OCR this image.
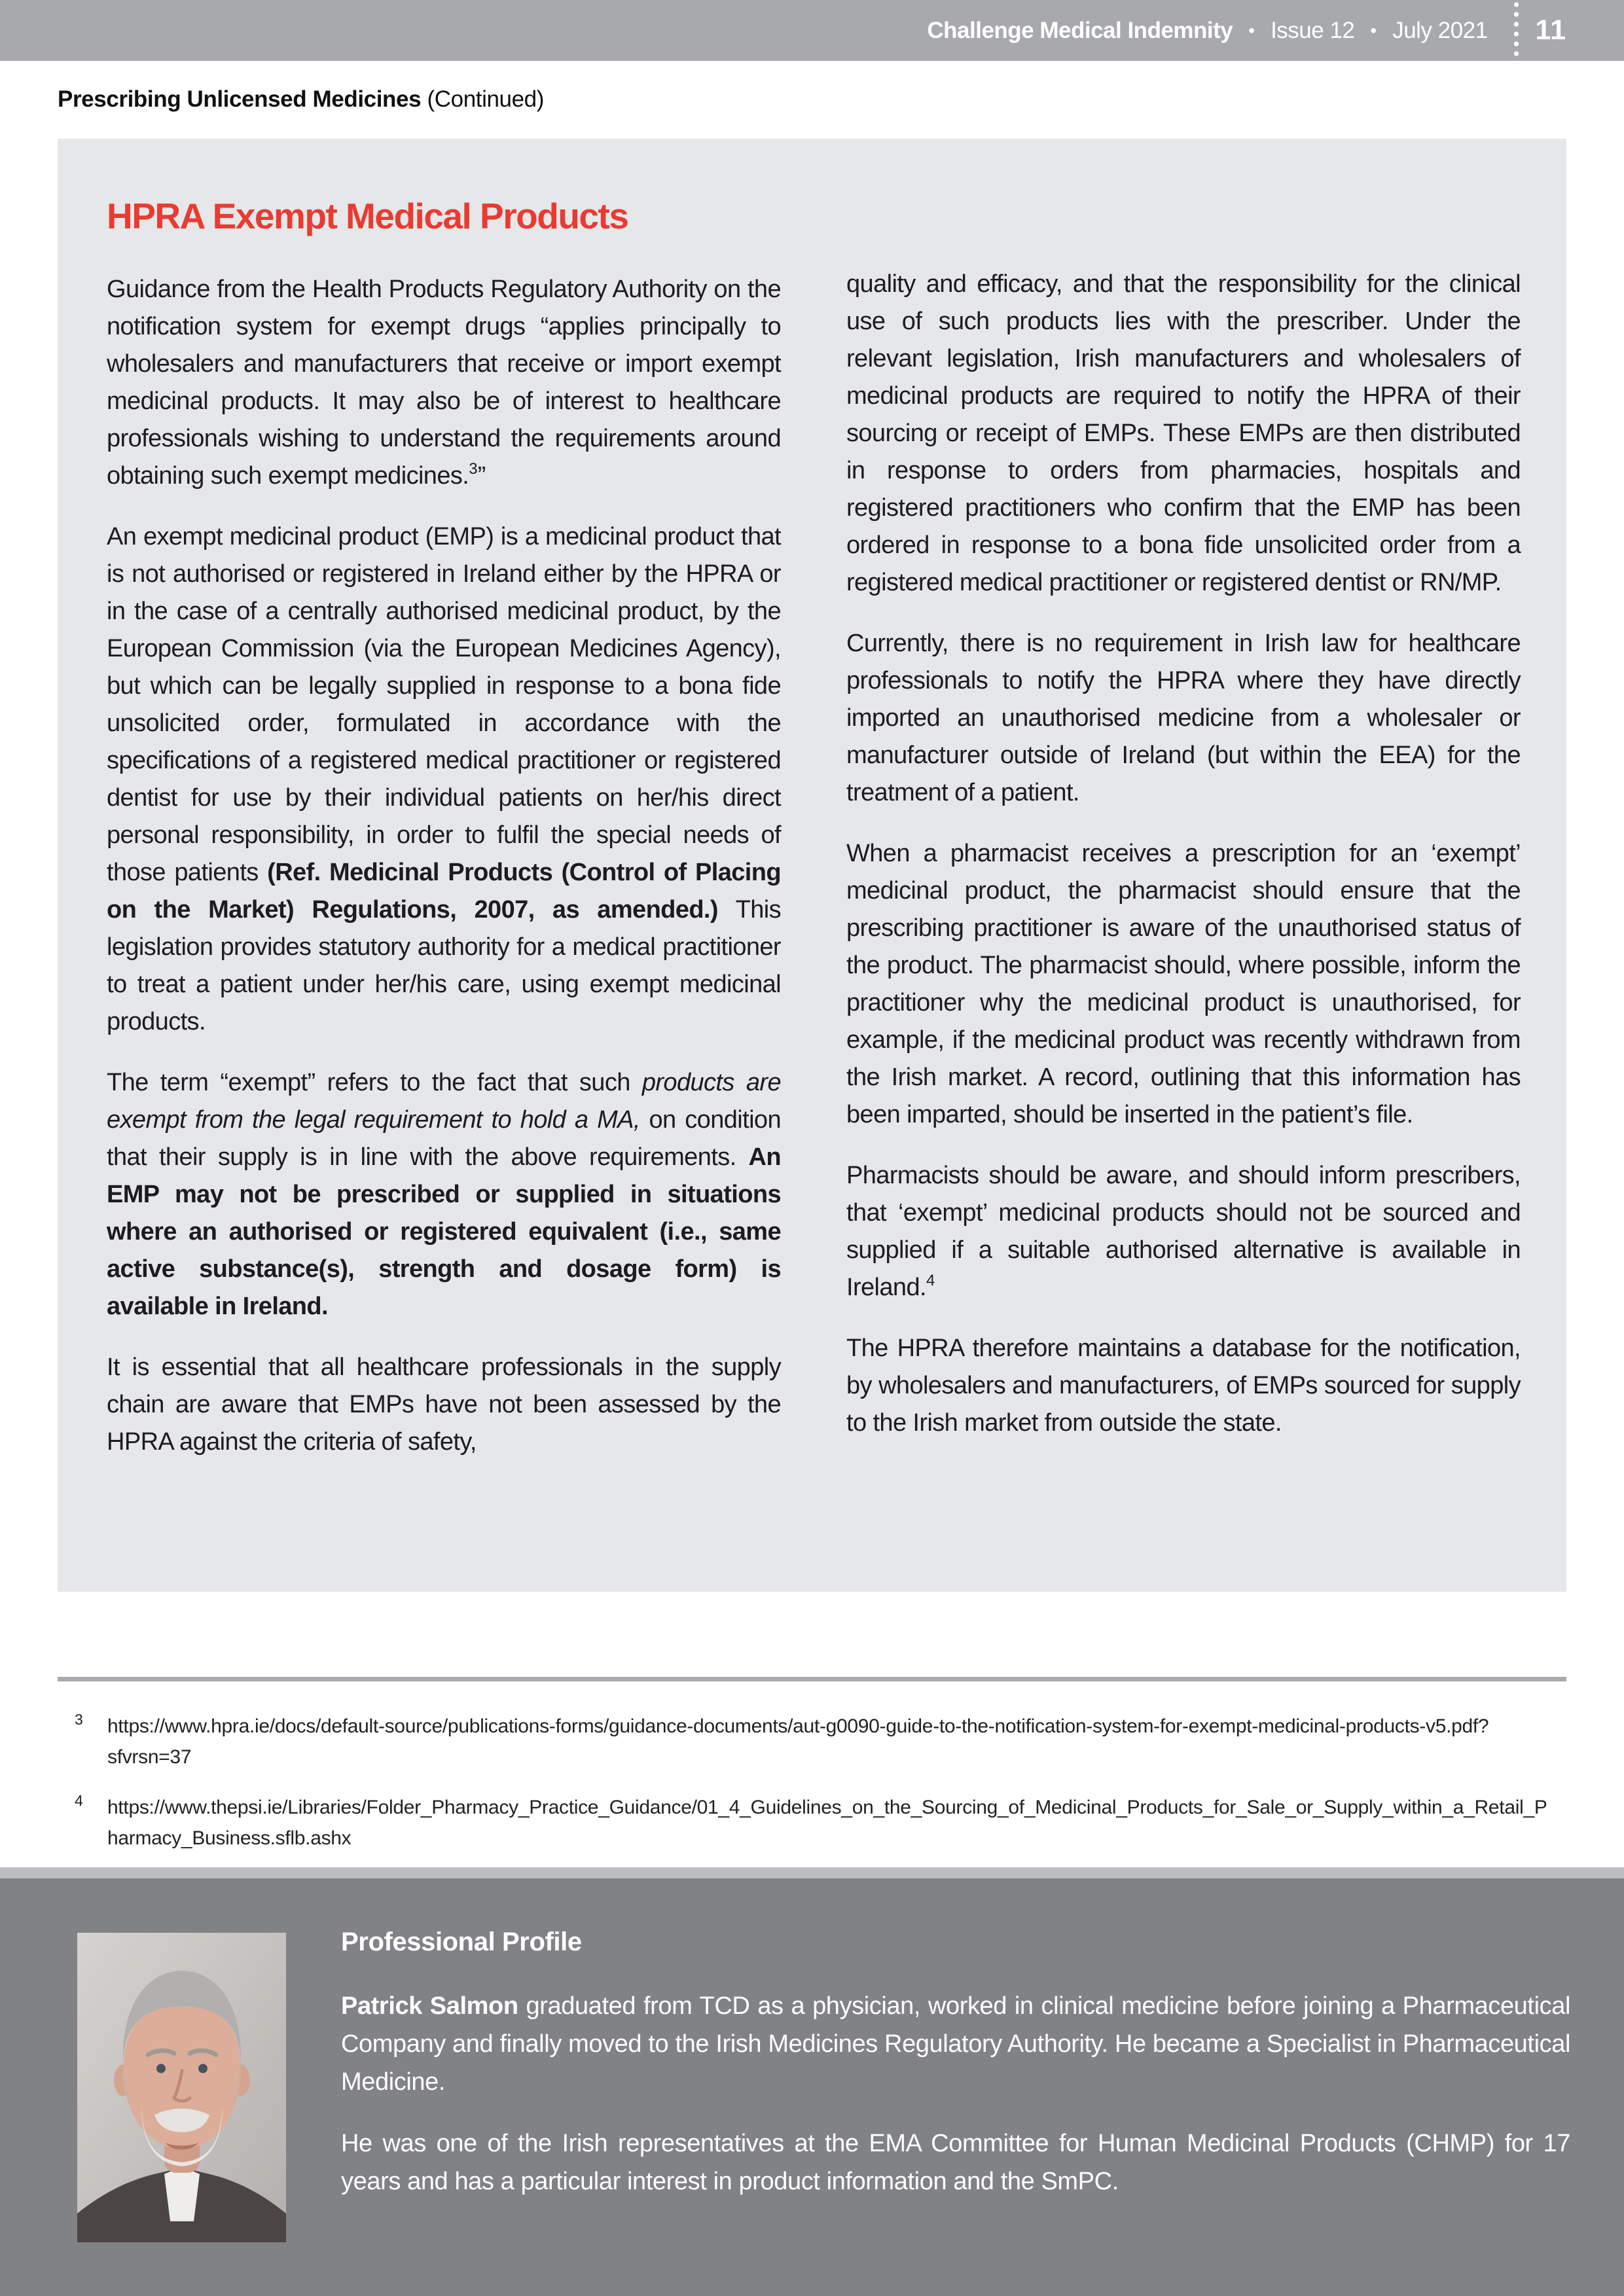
Challenge Medical Indemnity • Issue 12 • July 2021 11
Prescribing Unlicensed Medicines (Continued)
HPRA Exempt Medical Products

Guidance from the Health Products Regulatory Authority on the notification system for exempt drugs “applies principally to wholesalers and manufacturers that receive or import exempt medicinal products. It may also be of interest to healthcare professionals wishing to understand the requirements around obtaining such exempt medicines.$^3$”

An exempt medicinal product (EMP) is a medicinal product that is not authorised or registered in Ireland either by the HPRA or in the case of a centrally authorised medicinal product, by the European Commission (via the European Medicines Agency), but which can be legally supplied in response to a bona fide unsolicited order, formulated in accordance with the specifications of a registered medical practitioner or registered dentist for use by their individual patients on her/his direct personal responsibility, in order to fulfil the special needs of those patients (Ref. Medicinal Products (Control of Placing on the Market) Regulations, 2007, as amended.) This legislation provides statutory authority for a medical practitioner to treat a patient under her/his care, using exempt medicinal products.

The term “exempt” refers to the fact that such products are exempt from the legal requirement to hold a MA, on condition that their supply is in line with the above requirements. An EMP may not be prescribed or supplied in situations where an authorised or registered equivalent (i.e., same active substance(s), strength and dosage form) is available in Ireland.

It is essential that all healthcare professionals in the supply chain are aware that EMPs have not been assessed by the HPRA against the criteria of safety,

quality and efficacy, and that the responsibility for the clinical use of such products lies with the prescriber. Under the relevant legislation, Irish manufacturers and wholesalers of medicinal products are required to notify the HPRA of their sourcing or receipt of EMPs. These EMPs are then distributed in response to orders from pharmacies, hospitals and registered practitioners who confirm that the EMP has been ordered in response to a bona fide unsolicited order from a registered medical practitioner or registered dentist or RN/MP.

Currently, there is no requirement in Irish law for healthcare professionals to notify the HPRA where they have directly imported an unauthorised medicine from a wholesaler or manufacturer outside of Ireland (but within the EEA) for the treatment of a patient.

When a pharmacist receives a prescription for an ‘exempt’ medicinal product, the pharmacist should ensure that the prescribing practitioner is aware of the unauthorised status of the product. The pharmacist should, where possible, inform the practitioner why the medicinal product is unauthorised, for example, if the medicinal product was recently withdrawn from the Irish market. A record, outlining that this information has been imparted, should be inserted in the patient’s file.

Pharmacists should be aware, and should inform prescribers, that ‘exempt’ medicinal products should not be sourced and supplied if a suitable authorised alternative is available in Ireland.$^4$

The HPRA therefore maintains a database for the notification, by wholesalers and manufacturers, of EMPs sourced for supply to the Irish market from outside the state.

3	https://www.hpra.ie/docs/default-source/publications-forms/guidance-documents/aut-g0090-guide-to-the-notification-system-for-exempt-medicinal-products-v5.pdf?sfvrsn=37
4	https://www.thepsi.ie/Libraries/Folder_Pharmacy_Practice_Guidance/01_4_Guidelines_on_the_Sourcing_of_Medicinal_Products_for_Sale_or_Supply_within_a_Retail_Pharmacy_Business.sflb.ashx
Professional Profile

Patrick Salmon graduated from TCD as a physician, worked in clinical medicine before joining a Pharmaceutical Company and finally moved to the Irish Medicines Regulatory Authority. He became a Specialist in Pharmaceutical Medicine.

He was one of the Irish representatives at the EMA Committee for Human Medicinal Products (CHMP) for 17 years and has a particular interest in product information and the SmPC.
